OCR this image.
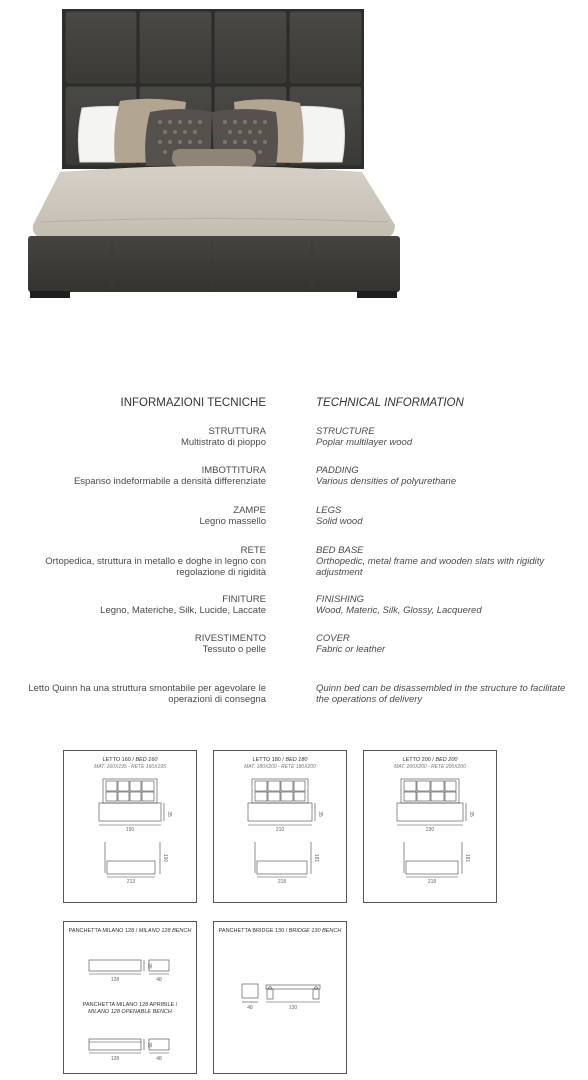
INFORMAZIONI TECNICHE	TECHNICAL INFORMATION
STRUTTURA
Multistrato di pioppo
STRUCTURE
Poplar multilayer wood
IMBOTTITURA
Espanso indeformabile a densità differenziate
PADDING
Various densities of polyurethane
ZAMPE
Legno massello
LEGS
Solid wood
RETE
Ortopedica, struttura in metallo e doghe in legno con regolazione di rigidità
BED BASE
Orthopedic, metal frame and wooden slats with rigidity adjustment
FINITURE
Legno, Materiche, Silk, Lucide, Laccate
FINISHING
Wood, Materic, Silk, Glossy, Lacquered
RIVESTIMENTO
Tessuto o pelle
COVER
Fabric or leather
Letto Quinn ha una struttura smontabile per agevolare le operazioni di consegna
Quinn bed can be disassembled in the structure to facilitate the operations of delivery
LETTO 160 / BED 160
MAT. 160X195 - RETE 160X195
190
35
190
213
LETTO 180 / BED 180
MAT. 180X200 - RETE 180X200
210
35
181
218
LETTO 200 / BED 200
MAT. 200X200 - RETE 200X200
230
35
181
218
PANCHETTA MILANO 128 / MILANO 128 BENCH
PANCHETTA MILANO 128 APRIBILE /
MILANO 128 OPENABLE BENCH
128
35
48
128
35
48
PANCHETTA BRIDGE 130 / BRIDGE 130 BENCH
48	130
